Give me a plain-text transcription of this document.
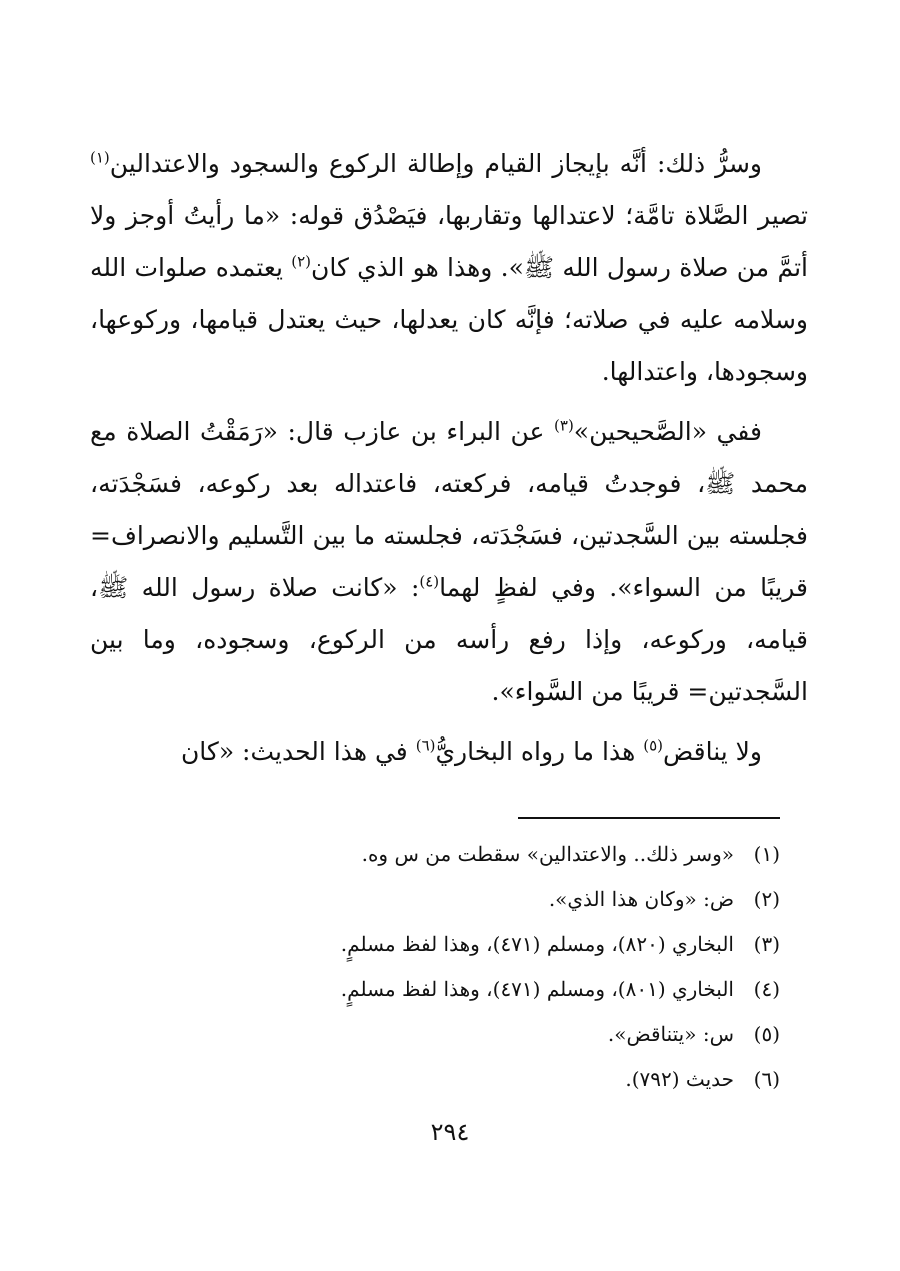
وسرُّ ذلك: أنَّه بإيجاز القيام وإطالة الركوع والسجود والاعتدالين$^{(١)}$ تصير الصَّلاة تامَّة؛ لاعتدالها وتقاربها، فيَصْدُق قوله: «ما رأيتُ أوجز ولا أتمَّ من صلاة رسول الله ﷺ». وهذا هو الذي كان$^{(٢)}$ يعتمده صلوات الله وسلامه عليه في صلاته؛ فإنَّه كان يعدلها، حيث يعتدل قيامها، وركوعها، وسجودها، واعتدالها.

ففي «الصَّحيحين»$^{(٣)}$ عن البراء بن عازب قال: «رَمَقْتُ الصلاة مع محمد ﷺ، فوجدتُ قيامه، فركعته، فاعتداله بعد ركوعه، فسَجْدَته، فجلسته بين السَّجدتين، فسَجْدَته، فجلسته ما بين التَّسليم والانصراف= قريبًا من السواء». وفي لفظٍ لهما$^{(٤)}$: «كانت صلاة رسول الله ﷺ، قيامه، وركوعه، وإذا رفع رأسه من الركوع، وسجوده، وما بين السَّجدتين= قريبًا من السَّواء».

ولا يناقض$^{(٥)}$ هذا ما رواه البخاريُّ$^{(٦)}$ في هذا الحديث: «كان

(١)
«وسر ذلك.. والاعتدالين» سقطت من س وه.
(٢)
ض: «وكان هذا الذي».
(٣)
البخاري (٨٢٠)، ومسلم (٤٧١)، وهذا لفظ مسلمٍ.
(٤)
البخاري (٨٠١)، ومسلم (٤٧١)، وهذا لفظ مسلمٍ.
(٥)
س: «يتناقض».
(٦)
حديث (٧٩٢).
٢٩٤
